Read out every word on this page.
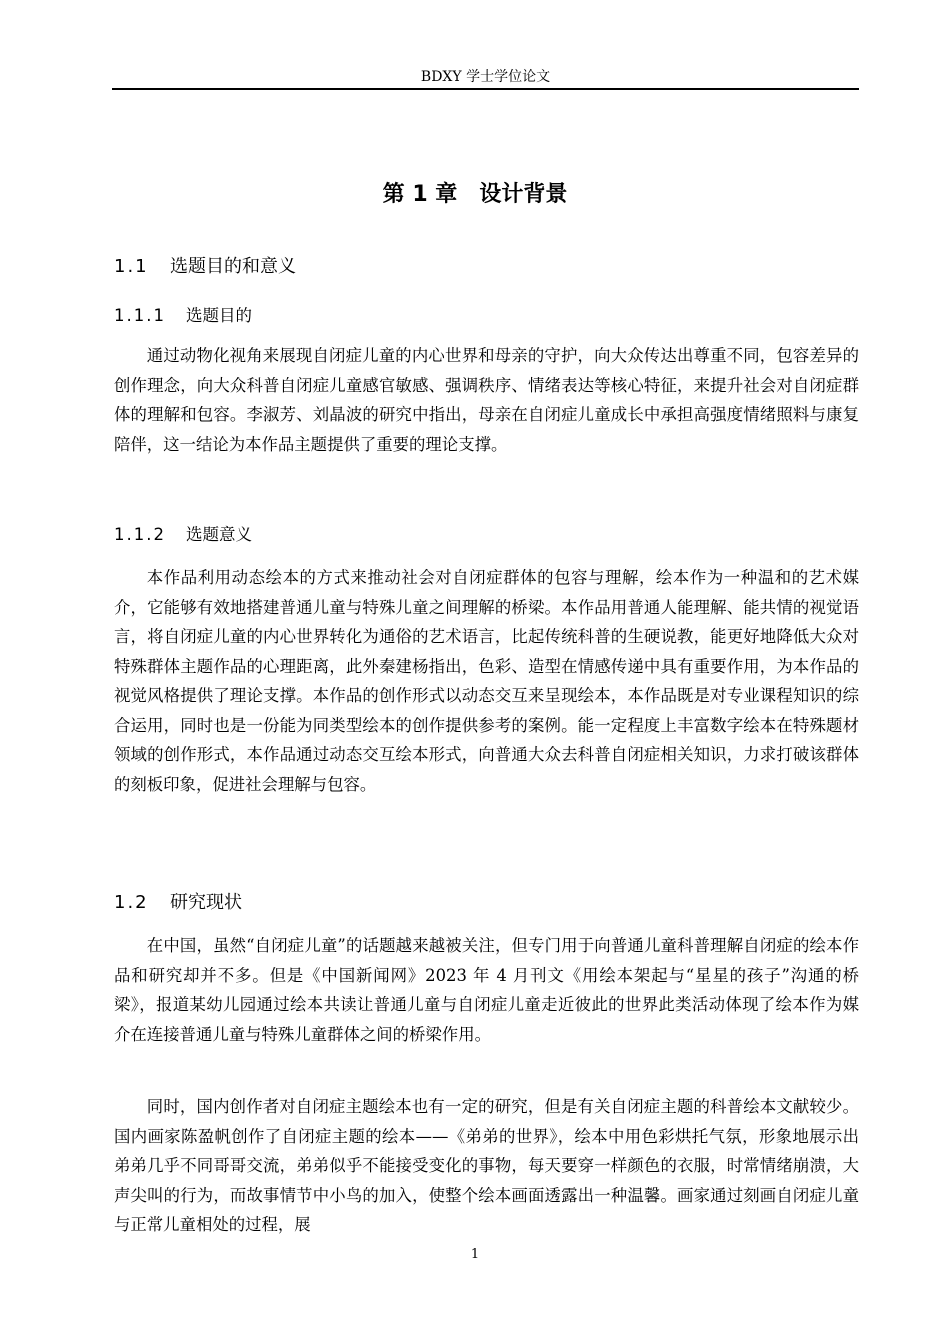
BDXY 学士学位论文
第 1 章 设计背景
1.1 选题目的和意义
1.1.1 选题目的

通过动物化视角来展现自闭症儿童的内心世界和母亲的守护，向大众传达出尊重不同，包容差异的创作理念，向大众科普自闭症儿童感官敏感、强调秩序、情绪表达等核心特征，来提升社会对自闭症群体的理解和包容。李淑芳、刘晶波的研究中指出，母亲在自闭症儿童成长中承担高强度情绪照料与康复陪伴，这一结论为本作品主题提供了重要的理论支撑。

1.1.2 选题意义

本作品利用动态绘本的方式来推动社会对自闭症群体的包容与理解，绘本作为一种温和的艺术媒介，它能够有效地搭建普通儿童与特殊儿童之间理解的桥梁。本作品用普通人能理解、能共情的视觉语言，将自闭症儿童的内心世界转化为通俗的艺术语言，比起传统科普的生硬说教，能更好地降低大众对特殊群体主题作品的心理距离，此外秦建杨指出，色彩、造型在情感传递中具有重要作用，为本作品的视觉风格提供了理论支撑。本作品的创作形式以动态交互来呈现绘本，本作品既是对专业课程知识的综合运用，同时也是一份能为同类型绘本的创作提供参考的案例。能一定程度上丰富数字绘本在特殊题材领域的创作形式，本作品通过动态交互绘本形式，向普通大众去科普自闭症相关知识，力求打破该群体的刻板印象，促进社会理解与包容。

1.2 研究现状

在中国，虽然“自闭症儿童”的话题越来越被关注，但专门用于向普通儿童科普理解自闭症的绘本作品和研究却并不多。但是《中国新闻网》2023 年 4 月刊文《用绘本架起与“星星的孩子”沟通的桥梁》，报道某幼儿园通过绘本共读让普通儿童与自闭症儿童走近彼此的世界此类活动体现了绘本作为媒介在连接普通儿童与特殊儿童群体之间的桥梁作用。

同时，国内创作者对自闭症主题绘本也有一定的研究，但是有关自闭症主题的科普绘本文献较少。国内画家陈盈帆创作了自闭症主题的绘本——《弟弟的世界》，绘本中用色彩烘托气氛，形象地展示出弟弟几乎不同哥哥交流，弟弟似乎不能接受变化的事物，每天要穿一样颜色的衣服，时常情绪崩溃，大声尖叫的行为，而故事情节中小鸟的加入，使整个绘本画面透露出一种温馨。画家通过刻画自闭症儿童与正常儿童相处的过程，展

1
